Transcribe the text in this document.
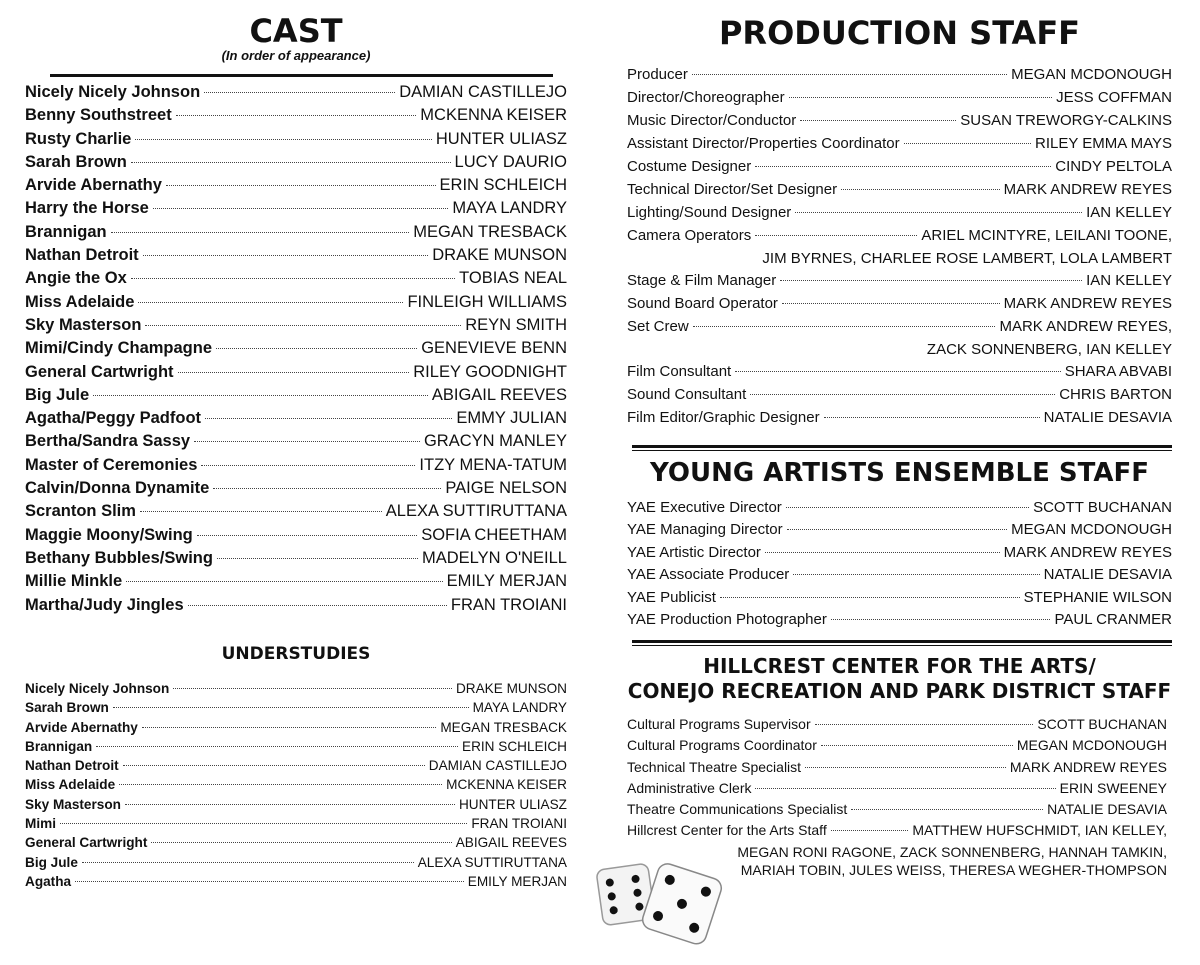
CAST
(In order of appearance)
Nicely Nicely Johnson	DAMIAN CASTILLEJO
Benny Southstreet	MCKENNA KEISER
Rusty Charlie	HUNTER ULIASZ
Sarah Brown	LUCY DAURIO
Arvide Abernathy	ERIN SCHLEICH
Harry the Horse	MAYA LANDRY
Brannigan	MEGAN TRESBACK
Nathan Detroit	DRAKE MUNSON
Angie the Ox	TOBIAS NEAL
Miss Adelaide	FINLEIGH WILLIAMS
Sky Masterson	REYN SMITH
Mimi/Cindy Champagne	GENEVIEVE BENN
General Cartwright	RILEY GOODNIGHT
Big Jule	ABIGAIL REEVES
Agatha/Peggy Padfoot	EMMY JULIAN
Bertha/Sandra Sassy	GRACYN MANLEY
Master of Ceremonies	ITZY MENA-TATUM
Calvin/Donna Dynamite	PAIGE NELSON
Scranton Slim	ALEXA SUTTIRUTTANA
Maggie Moony/Swing	SOFIA CHEETHAM
Bethany Bubbles/Swing	MADELYN O'NEILL
Millie Minkle	EMILY MERJAN
Martha/Judy Jingles	FRAN TROIANI
UNDERSTUDIES
Nicely Nicely Johnson	DRAKE MUNSON
Sarah Brown	MAYA LANDRY
Arvide Abernathy	MEGAN TRESBACK
Brannigan	ERIN SCHLEICH
Nathan Detroit	DAMIAN CASTILLEJO
Miss Adelaide	MCKENNA KEISER
Sky Masterson	HUNTER ULIASZ
Mimi	FRAN TROIANI
General Cartwright	ABIGAIL REEVES
Big Jule	ALEXA SUTTIRUTTANA
Agatha	EMILY MERJAN
PRODUCTION STAFF
Producer	MEGAN MCDONOUGH
Director/Choreographer	JESS COFFMAN
Music Director/Conductor	SUSAN TREWORGY-CALKINS
Assistant Director/Properties Coordinator	RILEY EMMA MAYS
Costume Designer	CINDY PELTOLA
Technical Director/Set Designer	MARK ANDREW REYES
Lighting/Sound Designer	IAN KELLEY
Camera Operators	ARIEL MCINTYRE, LEILANI TOONE,
JIM BYRNES, CHARLEE ROSE LAMBERT, LOLA LAMBERT
Stage & Film Manager	IAN KELLEY
Sound Board Operator	MARK ANDREW REYES
Set Crew	MARK ANDREW REYES,
ZACK SONNENBERG, IAN KELLEY
Film Consultant	SHARA ABVABI
Sound Consultant	CHRIS BARTON
Film Editor/Graphic Designer	NATALIE DESAVIA
YOUNG ARTISTS ENSEMBLE STAFF
YAE Executive Director	SCOTT BUCHANAN
YAE Managing Director	MEGAN MCDONOUGH
YAE Artistic Director	MARK ANDREW REYES
YAE Associate Producer	NATALIE DESAVIA
YAE Publicist	STEPHANIE WILSON
YAE Production Photographer	PAUL CRANMER
HILLCREST CENTER FOR THE ARTS/
CONEJO RECREATION AND PARK DISTRICT STAFF
Cultural Programs Supervisor	SCOTT BUCHANAN
Cultural Programs Coordinator	MEGAN MCDONOUGH
Technical Theatre Specialist	MARK ANDREW REYES
Administrative Clerk	ERIN SWEENEY
Theatre Communications Specialist	NATALIE DESAVIA
Hillcrest Center for the Arts Staff	MATTHEW HUFSCHMIDT, IAN KELLEY,
MEGAN RONI RAGONE, ZACK SONNENBERG, HANNAH TAMKIN,
MARIAH TOBIN, JULES WEISS, THERESA WEGHER-THOMPSON
